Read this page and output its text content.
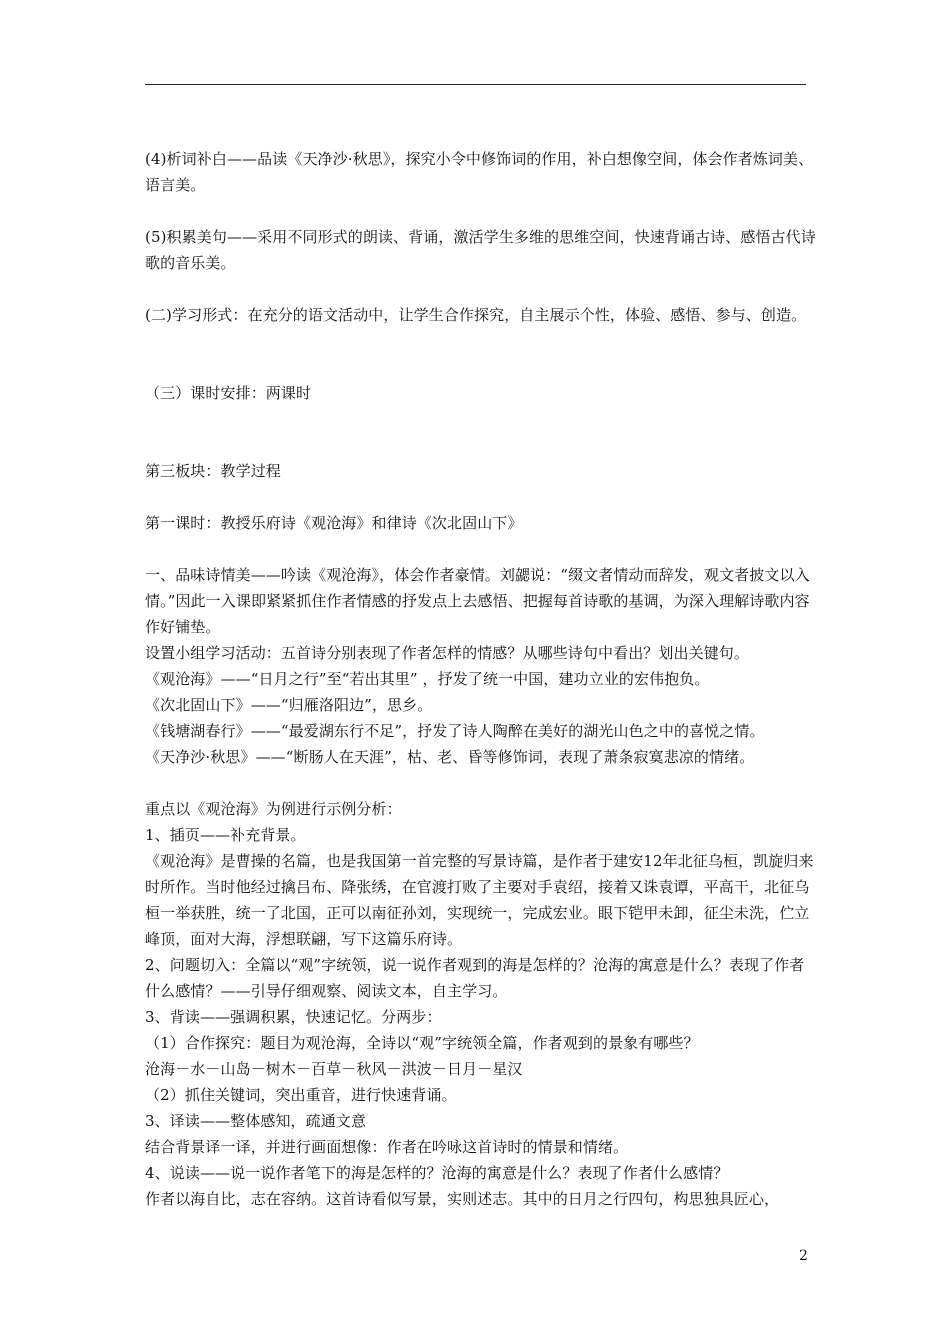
(4)析词补白——品读《天净沙·秋思》，探究小令中修饰词的作用，补白想像空间，体会作者炼词美、语言美。

(5)积累美句——采用不同形式的朗读、背诵，激活学生多维的思维空间，快速背诵古诗、感悟古代诗歌的音乐美。

(二)学习形式：在充分的语文活动中，让学生合作探究，自主展示个性，体验、感悟、参与、创造。

（三）课时安排：两课时

第三板块：教学过程

第一课时：教授乐府诗《观沧海》和律诗《次北固山下》

一、品味诗情美——吟读《观沧海》，体会作者豪情。刘勰说：“缀文者情动而辞发，观文者披文以入情。”因此一入课即紧紧抓住作者情感的抒发点上去感悟、把握每首诗歌的基调，为深入理解诗歌内容作好铺垫。

设置小组学习活动：五首诗分别表现了作者怎样的情感？从哪些诗句中看出？划出关键句。

《观沧海》——“日月之行”至“若出其里” ，抒发了统一中国，建功立业的宏伟抱负。

《次北固山下》——“归雁洛阳边”，思乡。

《钱塘湖春行》——“最爱湖东行不足”，抒发了诗人陶醉在美好的湖光山色之中的喜悦之情。

《天净沙·秋思》——“断肠人在天涯”，枯、老、昏等修饰词，表现了萧条寂寞悲凉的情绪。

重点以《观沧海》为例进行示例分析：

1、插页——补充背景。

《观沧海》是曹操的名篇，也是我国第一首完整的写景诗篇，是作者于建安12年北征乌桓，凯旋归来时所作。当时他经过擒吕布、降张绣，在官渡打败了主要对手袁绍，接着又诛袁谭，平高干，北征乌桓一举获胜，统一了北国，正可以南征孙刘，实现统一，完成宏业。眼下铠甲未卸，征尘未洗，伫立峰顶，面对大海，浮想联翩，写下这篇乐府诗。

2、问题切入：全篇以“观”字统领，说一说作者观到的海是怎样的？沧海的寓意是什么？表现了作者什么感情？——引导仔细观察、阅读文本，自主学习。

3、背读——强调积累，快速记忆。分两步：

（1）合作探究：题目为观沧海，全诗以“观”字统领全篇，作者观到的景象有哪些？

沧海－水－山岛－树木－百草－秋风－洪波－日月－星汉

（2）抓住关键词，突出重音，进行快速背诵。

3、译读——整体感知，疏通文意

结合背景译一译，并进行画面想像：作者在吟咏这首诗时的情景和情绪。

4、说读——说一说作者笔下的海是怎样的？沧海的寓意是什么？表现了作者什么感情？

作者以海自比，志在容纳。这首诗看似写景，实则述志。其中的日月之行四句，构思独具匠心，

2
